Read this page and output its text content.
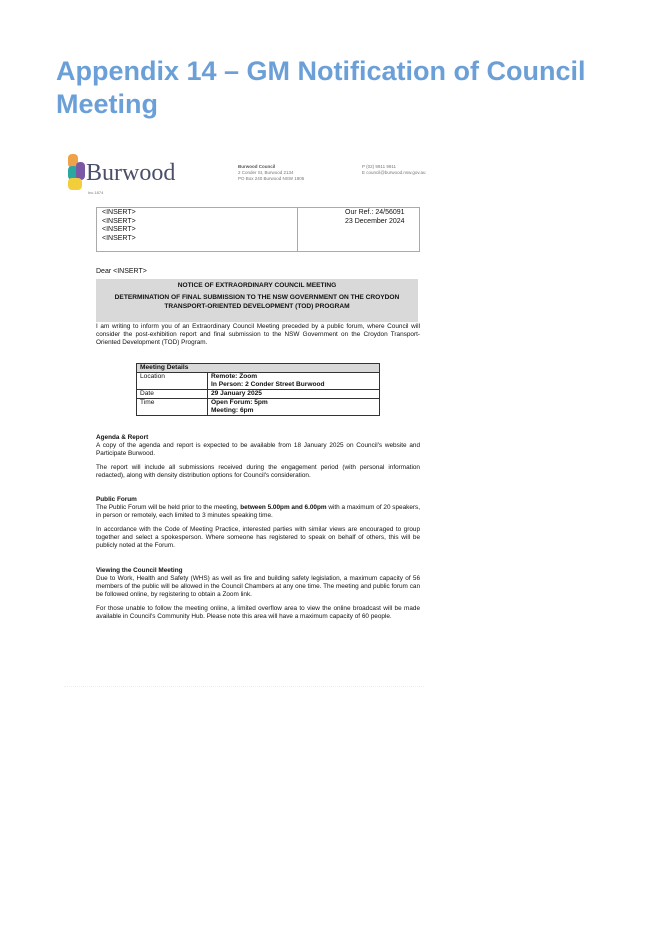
Appendix 14 – GM Notification of Council Meeting
Burwood
Inc.1874
Burwood Council
2 Conder St, Burwood 2134
PO Box 240 Burwood NSW 1805
P (02) 9911 9911
E council@burwood.nsw.gov.au
<INSERT>
<INSERT>
<INSERT>
<INSERT>
Our Ref.: 24/56091
23 December 2024
Dear <INSERT>
NOTICE OF EXTRAORDINARY COUNCIL MEETING
DETERMINATION OF FINAL SUBMISSION TO THE NSW GOVERNMENT ON THE CROYDON TRANSPORT-ORIENTED DEVELOPMENT (TOD) PROGRAM
I am writing to inform you of an Extraordinary Council Meeting preceded by a public forum, where Council will consider the post-exhibition report and final submission to the NSW Government on the Croydon Transport-Oriented Development (TOD) Program.
Meeting Details	
Location	Remote: Zoom
In Person: 2 Conder Street Burwood

Date	29 January 2025
Time	Open Forum: 5pm
Meeting: 6pm
Agenda & Report
A copy of the agenda and report is expected to be available from 18 January 2025 on Council's website and Participate Burwood.
The report will include all submissions received during the engagement period (with personal information redacted), along with density distribution options for Council's consideration.
Public Forum
The Public Forum will be held prior to the meeting, between 5.00pm and 6.00pm with a maximum of 20 speakers, in person or remotely, each limited to 3 minutes speaking time.
In accordance with the Code of Meeting Practice, interested parties with similar views are encouraged to group together and select a spokesperson. Where someone has registered to speak on behalf of others, this will be publicly noted at the Forum.
Viewing the Council Meeting
Due to Work, Health and Safety (WHS) as well as fire and building safety legislation, a maximum capacity of 56 members of the public will be allowed in the Council Chambers at any one time. The meeting and public forum can be followed online, by registering to obtain a Zoom link.
For those unable to follow the meeting online, a limited overflow area to view the online broadcast will be made available in Council's Community Hub. Please note this area will have a maximum capacity of 60 people.
